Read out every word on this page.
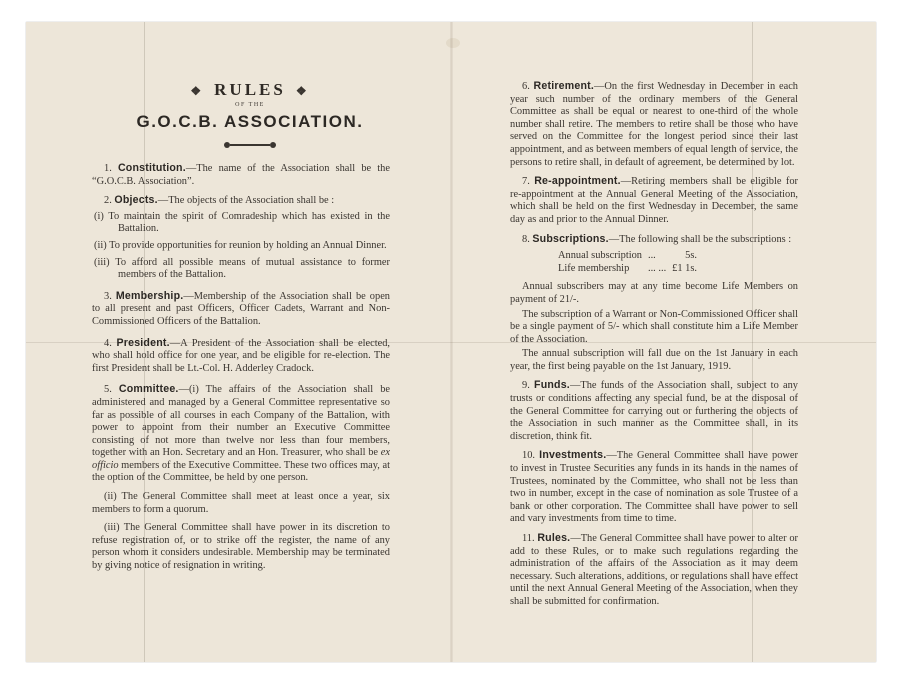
❖ RULES ❖
OF THE
G.O.C.B. ASSOCIATION.

1. Constitution.—The name of the Association shall be the “G.O.C.B. Association”.

2. Objects.—The objects of the Association shall be :

(i) To maintain the spirit of Comradeship which has existed in the Battalion.
(ii) To provide opportunities for reunion by holding an Annual Dinner.
(iii) To afford all possible means of mutual assistance to former members of the Battalion.

3. Membership.—Membership of the Association shall be open to all present and past Officers, Officer Cadets, Warrant and Non-Commissioned Officers of the Battalion.

4. President.—A President of the Association shall be elected, who shall hold office for one year, and be eligible for re-election. The first President shall be Lt.-Col. H. Adderley Cradock.

5. Committee.—(i) The affairs of the Association shall be administered and managed by a General Committee representative so far as possible of all courses in each Company of the Battalion, with power to appoint from their number an Executive Committee consisting of not more than twelve nor less than four members, together with an Hon. Secretary and an Hon. Treasurer, who shall be ex officio members of the Executive Committee. These two offices may, at the option of the Committee, be held by one person.

(ii) The General Committee shall meet at least once a year, six members to form a quorum.

(iii) The General Committee shall have power in its discretion to refuse registration of, or to strike off the register, the name of any person whom it considers undesirable. Membership may be terminated by giving notice of resignation in writing.

6. Retirement.—On the first Wednesday in December in each year such number of the ordinary members of the General Committee as shall be equal or nearest to one-third of the whole number shall retire. The members to retire shall be those who have served on the Committee for the longest period since their last appointment, and as between members of equal length of service, the persons to retire shall, in default of agreement, be determined by lot.

7. Re-appointment.—Retiring members shall be eligible for re-appointment at the Annual General Meeting of the Association, which shall be held on the first Wednesday in December, the same day as and prior to the Annual Dinner.

8. Subscriptions.—The following shall be the subscriptions :

Annual subscription	...	5s.
Life membership	... ...	£1 1s.

Annual subscribers may at any time become Life Members on payment of 21/-.

The subscription of a Warrant or Non-Commissioned Officer shall be a single payment of 5/- which shall constitute him a Life Member of the Association.

The annual subscription will fall due on the 1st January in each year, the first being payable on the 1st January, 1919.

9. Funds.—The funds of the Association shall, subject to any trusts or conditions affecting any special fund, be at the disposal of the General Committee for carrying out or furthering the objects of the Association in such manner as the Committee shall, in its discretion, think fit.

10. Investments.—The General Committee shall have power to invest in Trustee Securities any funds in its hands in the names of Trustees, nominated by the Committee, who shall not be less than two in number, except in the case of nomination as sole Trustee of a bank or other corporation. The Committee shall have power to sell and vary investments from time to time.

11. Rules.—The General Committee shall have power to alter or add to these Rules, or to make such regulations regarding the administration of the affairs of the Association as it may deem necessary. Such alterations, additions, or regulations shall have effect until the next Annual General Meeting of the Association, when they shall be submitted for confirmation.
